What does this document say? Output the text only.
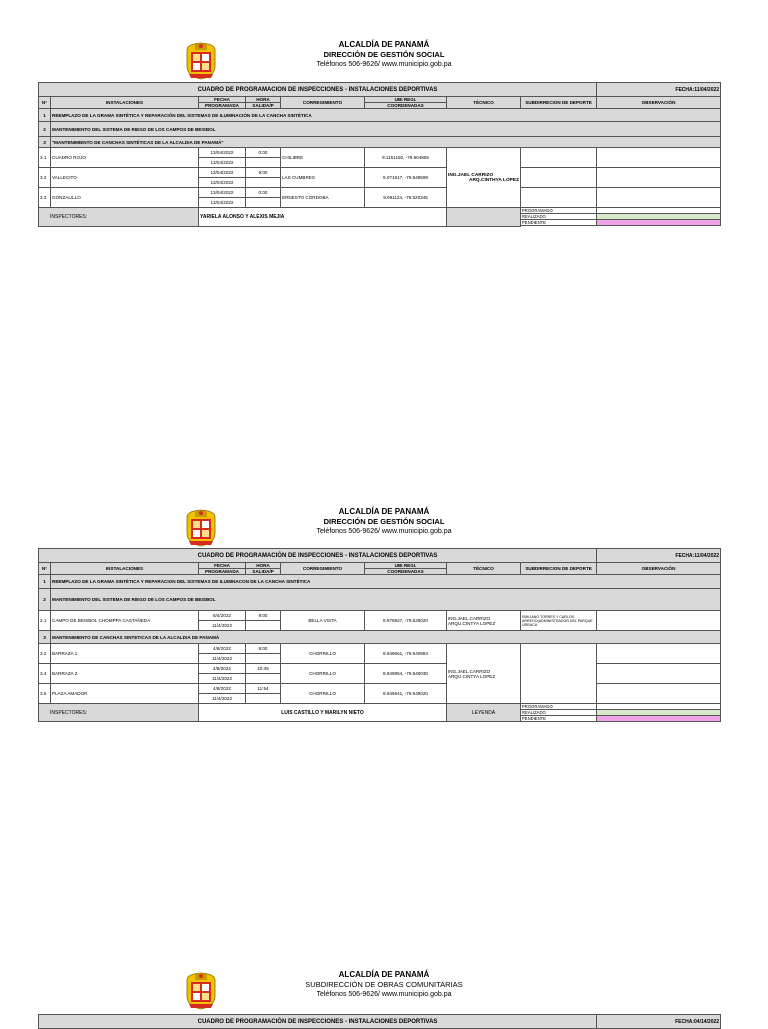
ALCALDÍA DE PANAMÁ
DIRECCIÓN DE GESTIÓN SOCIAL
Teléfonos 506-9626/ www.municipio.gob.pa
CUADRO DE PROGRAMACION DE INSPECCIONES - INSTALACIONES DEPORTIVAS								FECHA:11/04/2022
N°	INSTALACIONES	FECHA	HORA	CORREGIMIENTO	UBI REGI.	TÉCNICO	SUBDIRRECION DE DEPORTE	OBSERVACIÓN
		PROGRAMADA	SALIDA/P		COORDENADAS			
1	REEMPLAZO DE LA GRAMA SINTÉTICA Y REPARACIÓN DEL SISTEMAS DE ILUMINACIÓN DE LA CANCHA SINTÉTICA							
2	MANTENIMIENTO DEL SISTEMA DE RIEGO DE LOS CAMPOS DE BEISBOL							
3	"MANTENIMIENTO DE CANCHAS SINTÉTICAS DE LA ALCALDIA DE PANAMÁ"							
3.1	CUADRO ROJO	13/04/2022	0:00	CHILIBRE	9.1151150, -79.604806	ING.JAEL CARRIZO
ARQ.CINTHYA LOPEZ		

		13/04/2022						
3.2	VALLECITO	13/04/2022	9:00	LAS CUMBRES	9.071617, -79.548599			
		13/04/2022						
3.3	GONZALILLO	13/04/2022	0:00	ERNESTO CORDOBA	9.091124, -79.520345			
		13/04/2022						
INSPECTORES:		YARIELA ALONSO Y ALEXIS MEJIA					PROGRAMADO	
							REALIZADO	
							PENDIENTE	

ALCALDÍA DE PANAMÁ
DIRECCIÓN DE GESTIÓN SOCIAL
Teléfonos 506-9626/ www.municipio.gob.pa
CUADRO DE PROGRAMACIÓN DE INSPECCIONES - INSTALACIONES DEPORTIVAS								FECHA:11/04/2022
N°	INSTALACIONES	FECHA	HORA	CORREGIMIENTO	UBI REGI.	TÉCNICO	SUBDIRRECION DE DEPORTE	OBSERVACIÓN
		PROGRAMADA	SALIDA/P		COORDENADAS			
1	REEMPLAZO DE LA GRAMA SINTÉTICA Y REPARACION DEL SISTEMAS DE ILUMINACON DE LA CANCHA SINTÉTICA							
2	MANTENIMIENTO DEL SISTEMA DE RIEGO DE LOS CAMPOS DE BEISBOL							
2.1	CAMPO DE BEISBOL CHOMPPA CASTAÑEDA	8/4/2022	9:00	BELLA VISTA	8.975927, -79.528020	ING.JAEL CARRIZO
ARQU.CINTYA LOPEZ	EMILIANO TORRES Y CARLOS ARREGO(ADMINISTRADOR DEL PARQUE URRACA	
		11/4/2022						
3	MANTENIMIENTO DE CANCHAS SINTETICAS DE LA ALCALDIA DE PANAMÁ							
3.2	BARRAZA 1	4/8/2022	9:00	CHORRILLO	8.949661, -79.540984	ING.JAEL CARRIZO
ARQU.CINTYA LOPEZ		

		11/4/2022						
3.4	BARRAZA 2	4/8/2022	10:45	CHORRILLO	8.949954, -79.540030			
		11/4/2022						
3.5	PLAZA AMADOR	4/8/2022	11:54	CHORRILLO	8.945841, -79.549020			
		11/4/2022						
INSPECTORES:		LUIS CASTILLO Y MARILYN NIETO				LEYENDA	PROGRAMADO	
							REALIZADO	
							PENDIENTE	
ALCALDÍA DE PANAMÁ
SUBDIRECCIÓN DE OBRAS COMUNITARIAS
Teléfonos 506-9626/ www.municipio.gob.pa
CUADRO DE PROGRAMACIÓN DE INSPECCIONES - INSTALACIONES DEPORTIVAS	FECHA:04/14/2022
